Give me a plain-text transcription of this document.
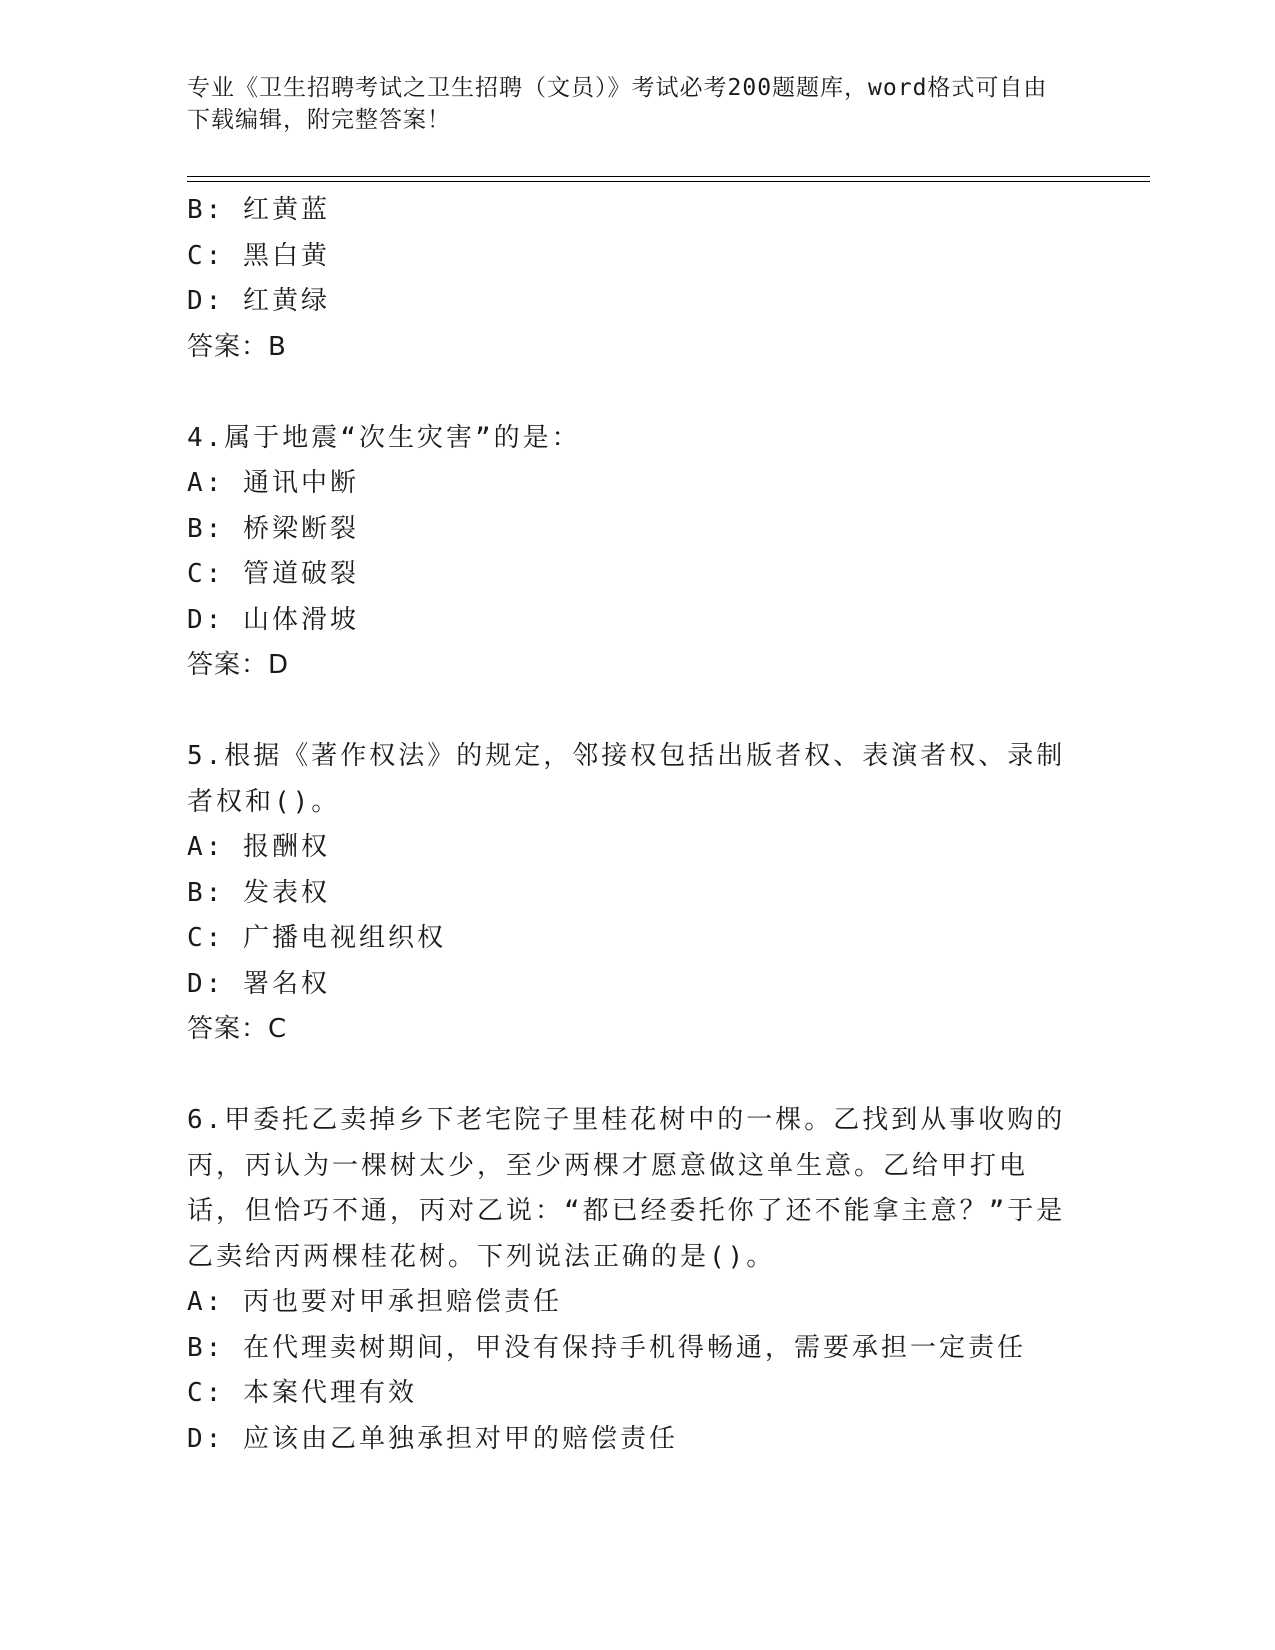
专业《卫生招聘考试之卫生招聘（文员）》考试必考200题题库，word格式可自由下载编辑，附完整答案！
B: 红黄蓝
C: 黑白黄
D: 红黄绿
答案：B
4.属于地震“次生灾害”的是：
A: 通讯中断
B: 桥梁断裂
C: 管道破裂
D: 山体滑坡
答案：D
5.根据《著作权法》的规定，邻接权包括出版者权、表演者权、录制者权和()。
A: 报酬权
B: 发表权
C: 广播电视组织权
D: 署名权
答案：C
6.甲委托乙卖掉乡下老宅院子里桂花树中的一棵。乙找到从事收购的丙，丙认为一棵树太少，至少两棵才愿意做这单生意。乙给甲打电话，但恰巧不通，丙对乙说：“都已经委托你了还不能拿主意？”于是乙卖给丙两棵桂花树。下列说法正确的是()。
A: 丙也要对甲承担赔偿责任
B: 在代理卖树期间，甲没有保持手机得畅通，需要承担一定责任
C: 本案代理有效
D: 应该由乙单独承担对甲的赔偿责任
